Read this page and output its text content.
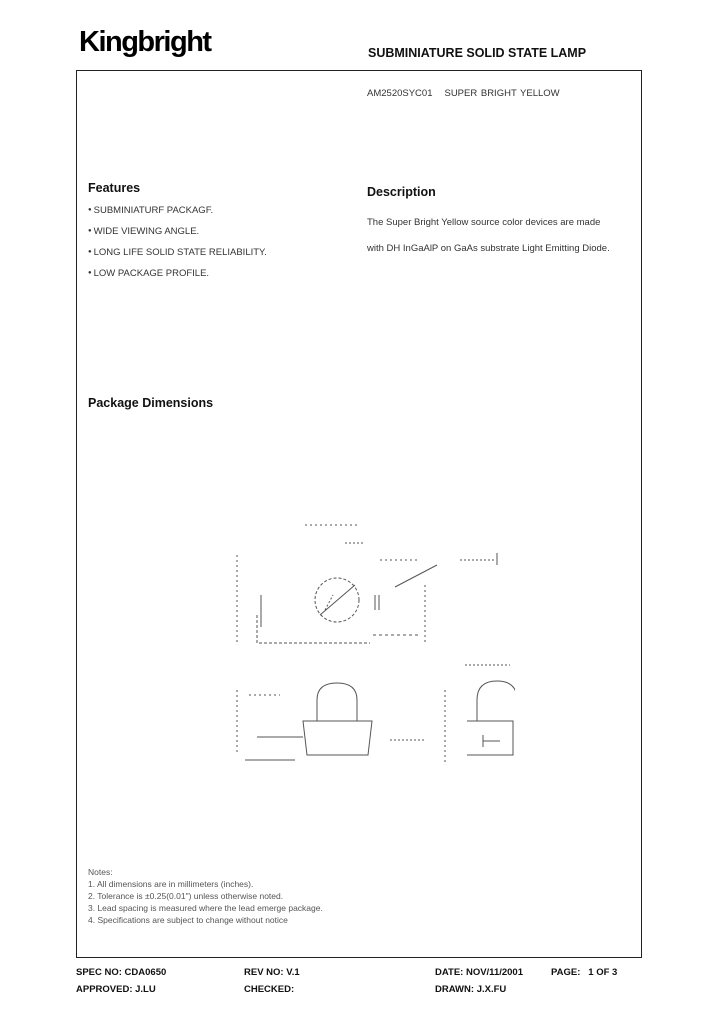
Kingbright	SUBMINIATURE SOLID STATE LAMP
AM2520SYC01 SUPER BRIGHT YELLOW
Features
● SUBMINIATURF PACKAGF.
● WIDE VIEWING ANGLE.
● LONG LIFE SOLID STATE RELIABILITY.
● LOW PACKAGE PROFILE.
Description
The Super Bright Yellow source color devices are made
with DH InGaAlP on GaAs substrate Light Emitting Diode.
Package Dimensions
Notes:
1. All dimensions are in millimeters (inches).
2. Tolerance is ±0.25(0.01") unless otherwise noted.
3. Lead spacing is measured where the lead emerge package.
4. Specifications are subject to change without notice
SPEC NO: CDA0650	REV NO: V.1	DATE: NOV/11/2001	PAGE:   1 OF 3
APPROVED: J.LU	CHECKED:	DRAWN: J.X.FU
